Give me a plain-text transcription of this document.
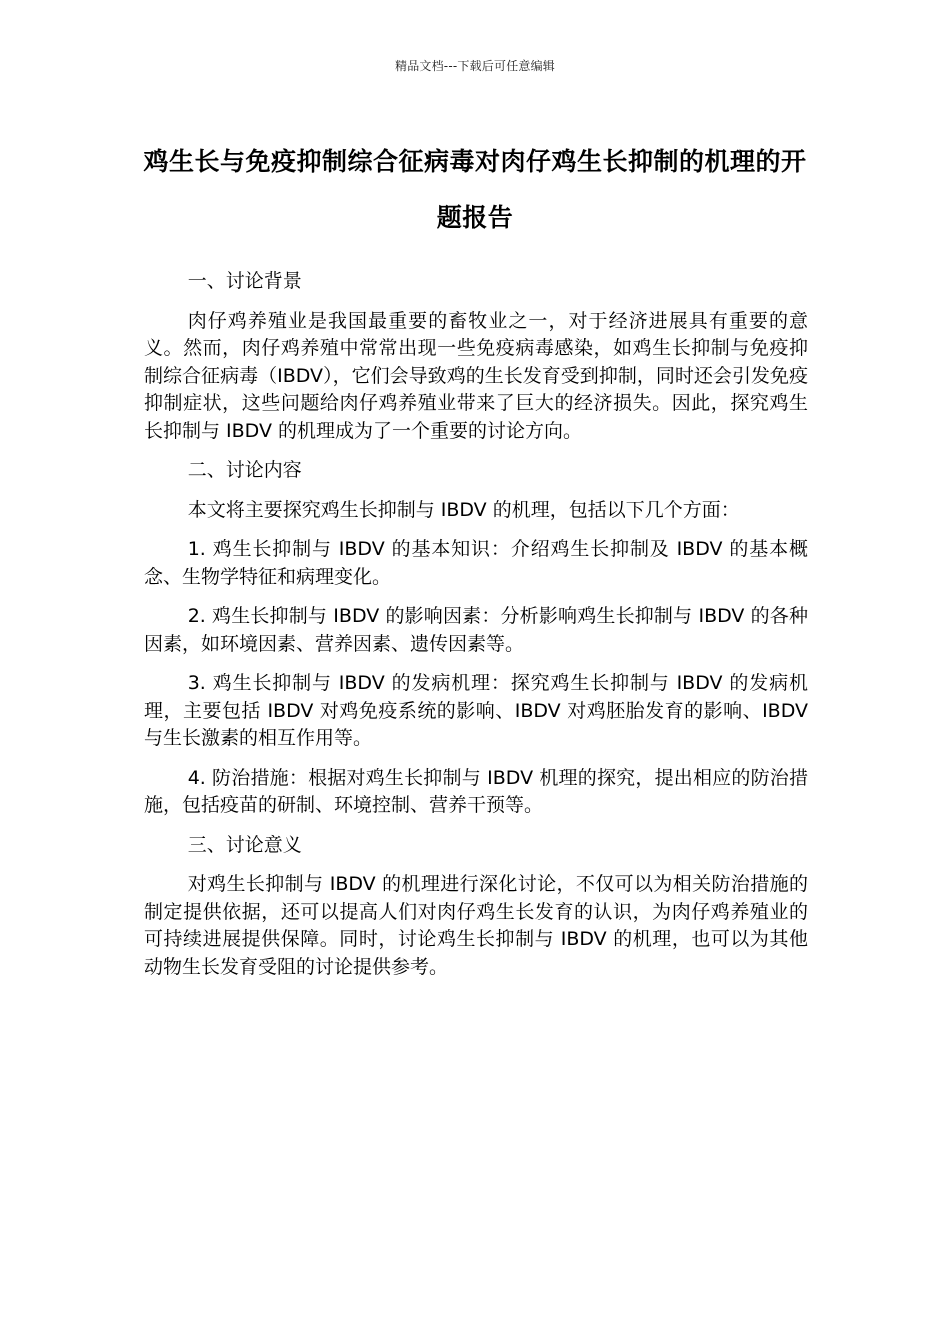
精品文档---下载后可任意编辑
鸡生长与免疫抑制综合征病毒对肉仔鸡生长抑制的机理的开题报告

一、讨论背景

肉仔鸡养殖业是我国最重要的畜牧业之一，对于经济进展具有重要的意义。然而，肉仔鸡养殖中常常出现一些免疫病毒感染，如鸡生长抑制与免疫抑制综合征病毒（IBDV），它们会导致鸡的生长发育受到抑制，同时还会引发免疫抑制症状，这些问题给肉仔鸡养殖业带来了巨大的经济损失。因此，探究鸡生长抑制与 IBDV 的机理成为了一个重要的讨论方向。

二、讨论内容

本文将主要探究鸡生长抑制与 IBDV 的机理，包括以下几个方面：

1. 鸡生长抑制与 IBDV 的基本知识：介绍鸡生长抑制及 IBDV 的基本概念、生物学特征和病理变化。

2. 鸡生长抑制与 IBDV 的影响因素：分析影响鸡生长抑制与 IBDV 的各种因素，如环境因素、营养因素、遗传因素等。

3. 鸡生长抑制与 IBDV 的发病机理：探究鸡生长抑制与 IBDV 的发病机理，主要包括 IBDV 对鸡免疫系统的影响、IBDV 对鸡胚胎发育的影响、IBDV 与生长激素的相互作用等。

4. 防治措施：根据对鸡生长抑制与 IBDV 机理的探究，提出相应的防治措施，包括疫苗的研制、环境控制、营养干预等。

三、讨论意义

对鸡生长抑制与 IBDV 的机理进行深化讨论，不仅可以为相关防治措施的制定提供依据，还可以提高人们对肉仔鸡生长发育的认识，为肉仔鸡养殖业的可持续进展提供保障。同时，讨论鸡生长抑制与 IBDV 的机理，也可以为其他动物生长发育受阻的讨论提供参考。
